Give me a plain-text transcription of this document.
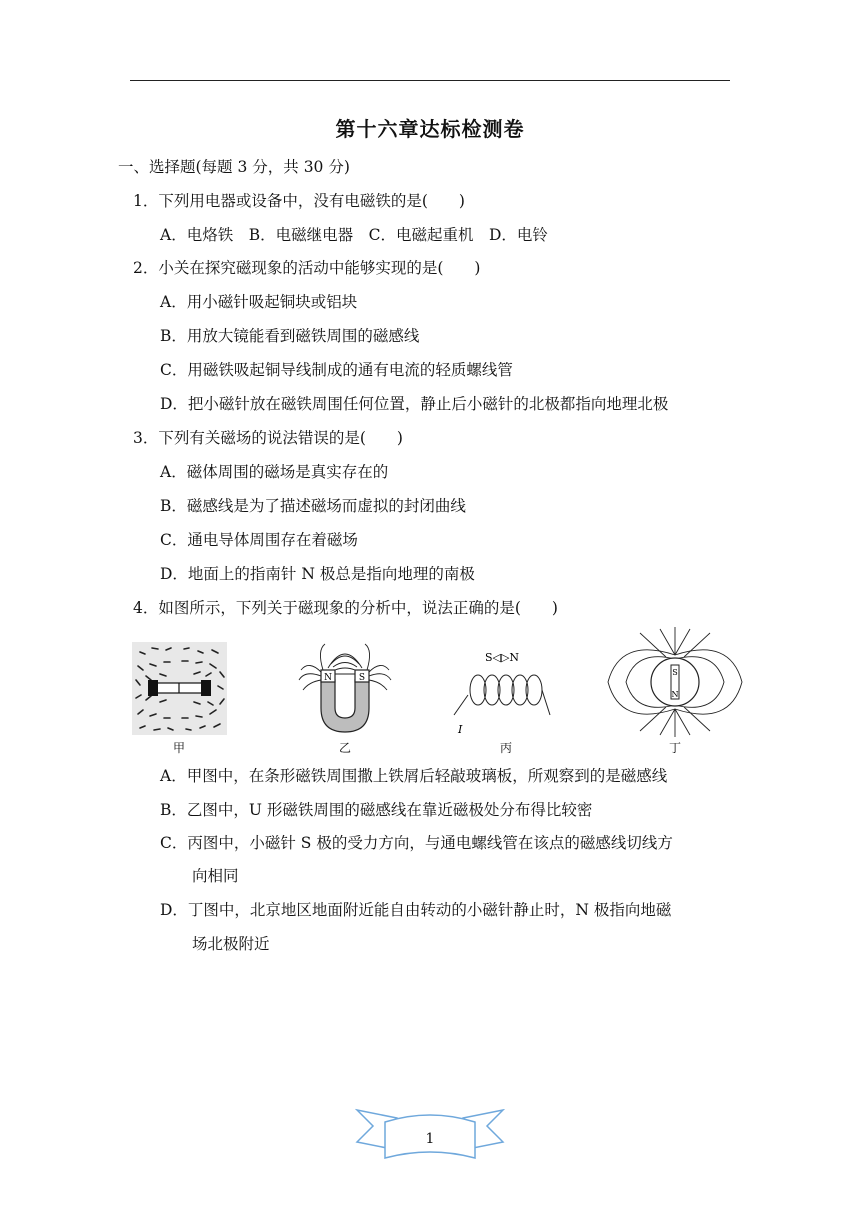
第十六章达标检测卷
一、选择题(每题 3 分，共 30 分)
1．下列用电器或设备中，没有电磁铁的是(　　)
A．电烙铁　B．电磁继电器　C．电磁起重机　D．电铃
2．小关在探究磁现象的活动中能够实现的是(　　)
A．用小磁针吸起铜块或铝块
B．用放大镜能看到磁铁周围的磁感线
C．用磁铁吸起铜导线制成的通有电流的轻质螺线管
D．把小磁针放在磁铁周围任何位置，静止后小磁针的北极都指向地理北极
3．下列有关磁场的说法错误的是(　　)
A．磁体周围的磁场是真实存在的
B．磁感线是为了描述磁场而虚拟的封闭曲线
C．通电导体周围存在着磁场
D．地面上的指南针 N 极总是指向地理的南极
4．如图所示，下列关于磁现象的分析中，说法正确的是(　　)
甲
N	S
乙
S◁▷N
I
丙
S
N
丁
A．甲图中，在条形磁铁周围撒上铁屑后轻敲玻璃板，所观察到的是磁感线
B．乙图中，U 形磁铁周围的磁感线在靠近磁极处分布得比较密
C．丙图中，小磁针 S 极的受力方向，与通电螺线管在该点的磁感线切线方
向相同
D．丁图中，北京地区地面附近能自由转动的小磁针静止时，N 极指向地磁
场北极附近
1
